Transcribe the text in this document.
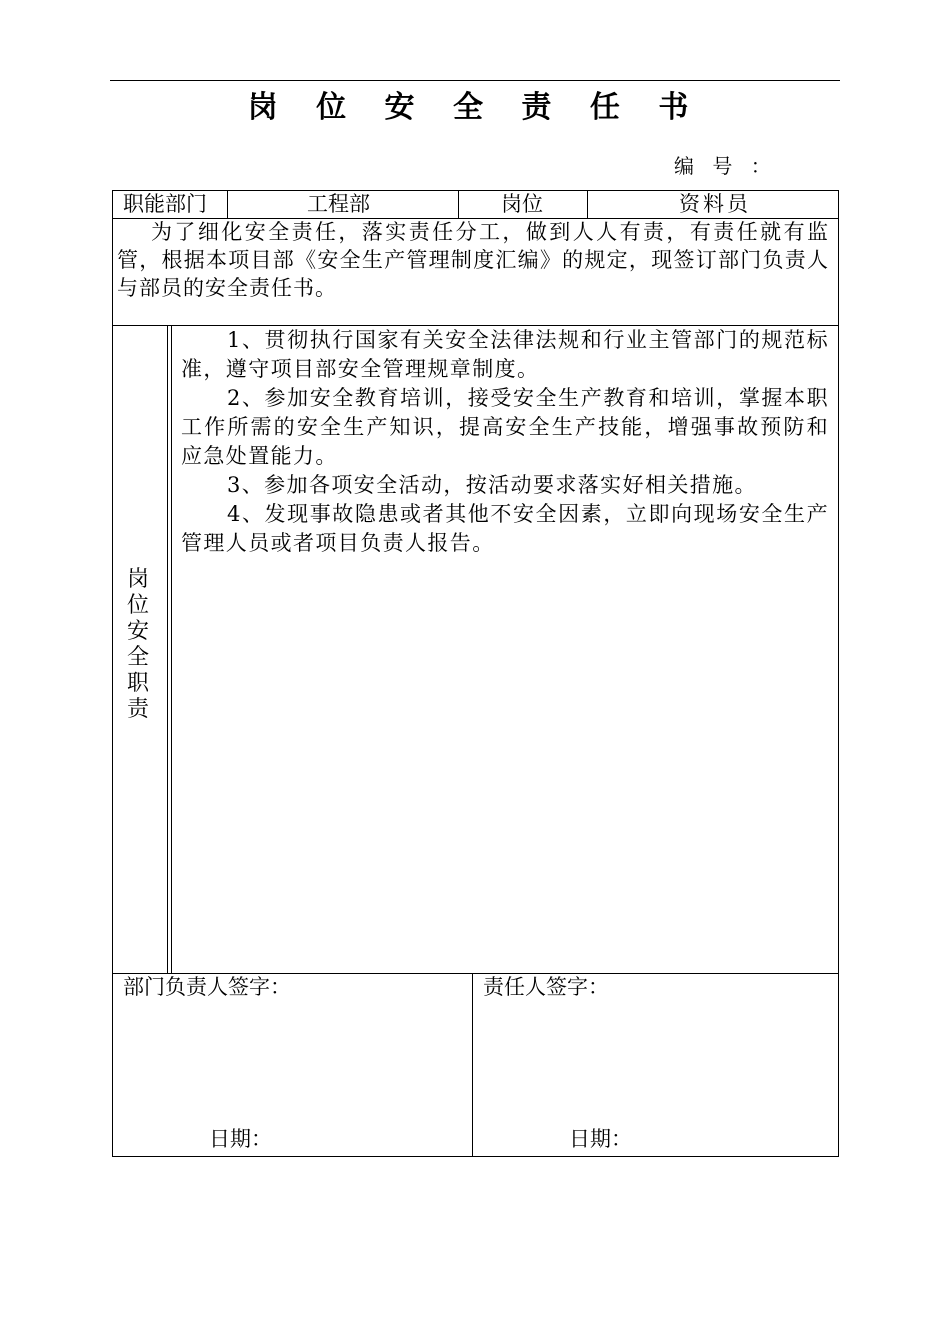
岗 位 安 全 责 任 书
编 号 ：
职能部门	工程部	岗位	资料员
为了细化安全责任，落实责任分工，做到人人有责，有责任就有监管，根据本项目部《安全生产管理制度汇编》的规定，现签订部门负责人与部员的安全责任书。
岗
位
安
全
职
责

1、贯彻执行国家有关安全法律法规和行业主管部门的规范标准，遵守项目部安全管理规章制度。

2、参加安全教育培训，接受安全生产教育和培训，掌握本职工作所需的安全生产知识，提高安全生产技能，增强事故预防和应急处置能力。

3、参加各项安全活动，按活动要求落实好相关措施。

4、发现事故隐患或者其他不安全因素，立即向现场安全生产管理人员或者项目负责人报告。

部门负责人签字：	责任人签字：
日期：	日期：
